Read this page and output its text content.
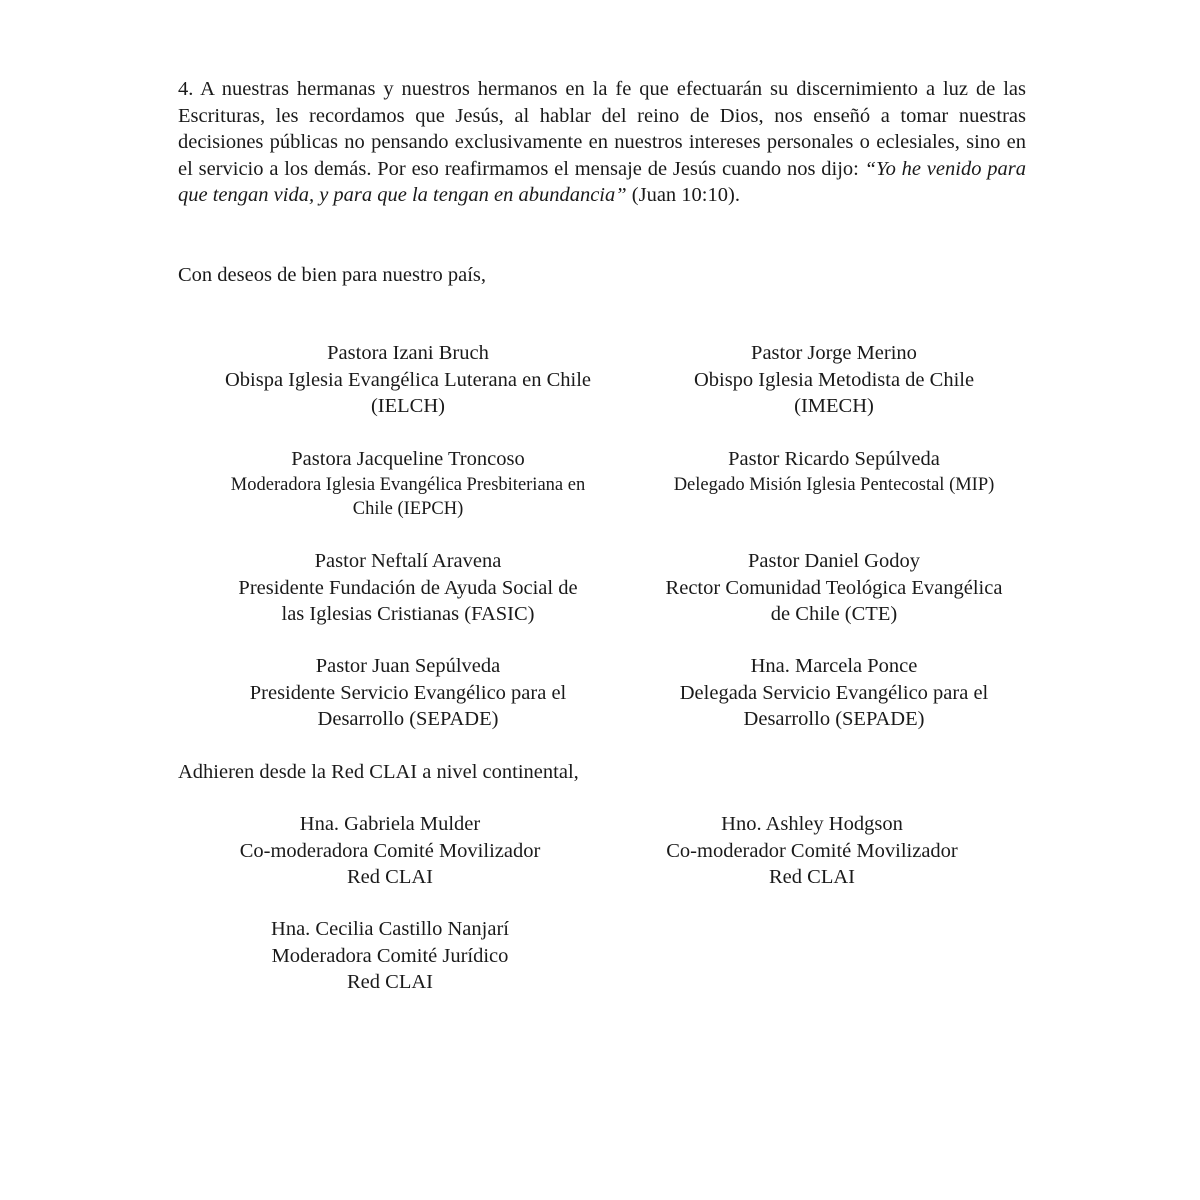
4. A nuestras hermanas y nuestros hermanos en la fe que efectuarán su discernimiento a luz de las Escrituras, les recordamos que Jesús, al hablar del reino de Dios, nos enseñó a tomar nuestras decisiones públicas no pensando exclusivamente en nuestros intereses personales o eclesiales, sino en el servicio a los demás. Por eso reafirmamos el mensaje de Jesús cuando nos dijo: “Yo he venido para que tengan vida, y para que la tengan en abundancia” (Juan 10:10).

Con deseos de bien para nuestro país,

Pastora Izani Bruch
Obispa Iglesia Evangélica Luterana en Chile
(IELCH)
Pastor Jorge Merino
Obispo Iglesia Metodista de Chile
(IMECH)
Pastora Jacqueline Troncoso
Moderadora Iglesia Evangélica Presbiteriana en
Chile (IEPCH)
Pastor Ricardo Sepúlveda
Delegado Misión Iglesia Pentecostal (MIP)
Pastor Neftalí Aravena
Presidente Fundación de Ayuda Social de
las Iglesias Cristianas (FASIC)
Pastor Daniel Godoy
Rector Comunidad Teológica Evangélica
de Chile (CTE)
Pastor Juan Sepúlveda
Presidente Servicio Evangélico para el
Desarrollo (SEPADE)
Hna. Marcela Ponce
Delegada Servicio Evangélico para el
Desarrollo (SEPADE)

Adhieren desde la Red CLAI a nivel continental,

Hna. Gabriela Mulder
Co-moderadora Comité Movilizador
Red CLAI
Hno. Ashley Hodgson
Co-moderador Comité Movilizador
Red CLAI
Hna. Cecilia Castillo Nanjarí
Moderadora Comité Jurídico
Red CLAI
